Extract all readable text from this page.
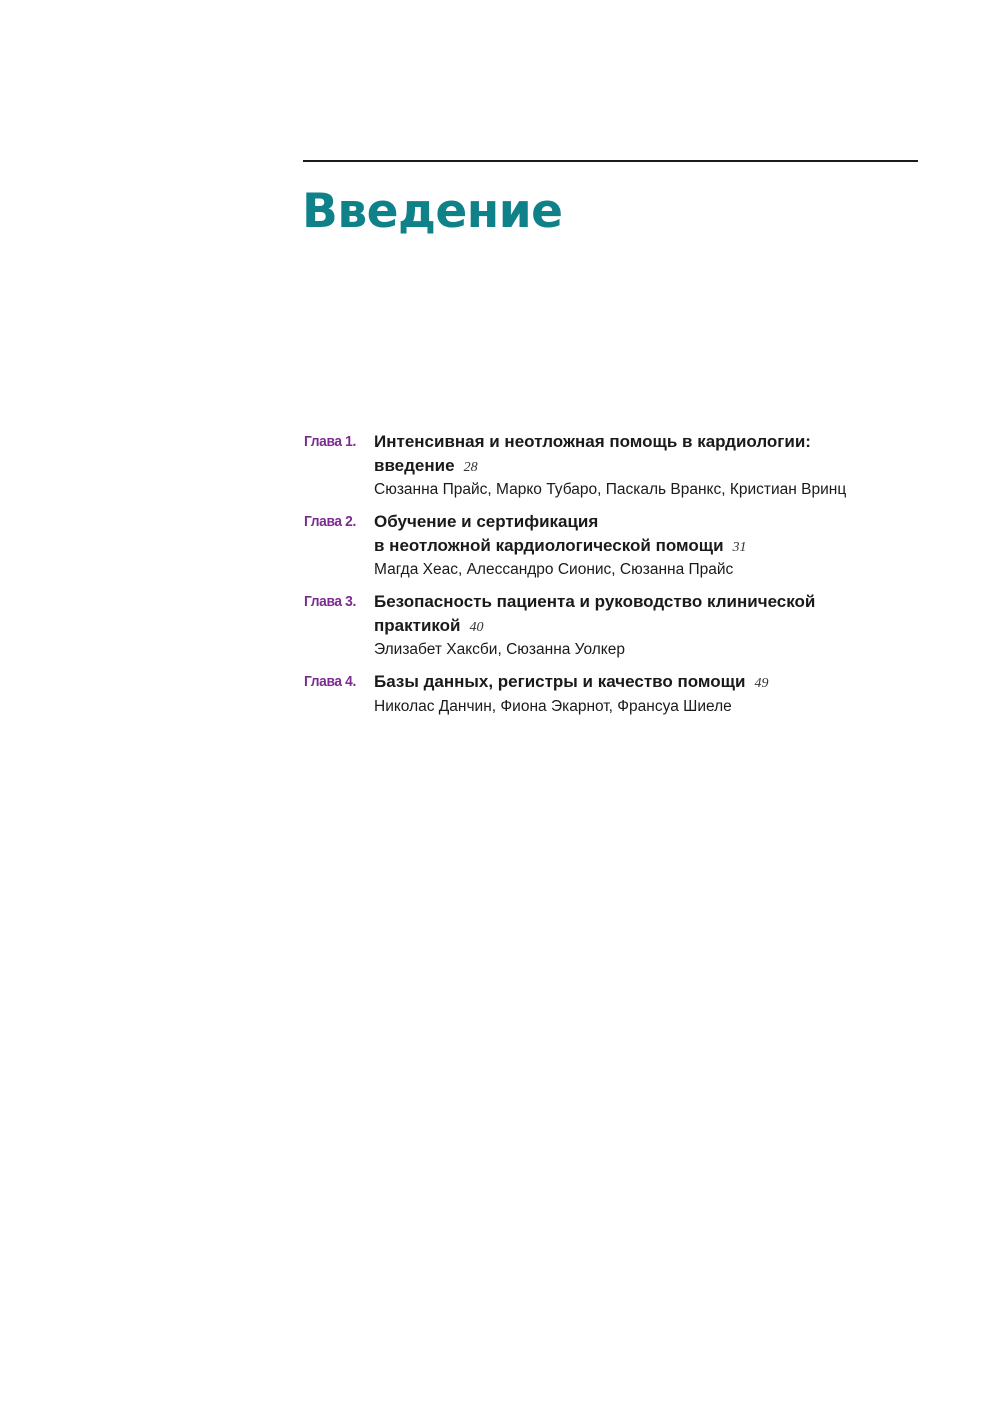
Введение
Глава 1.	Интенсивная и неотложная помощь в кардиологии:
введение 28
Сюзанна Прайс, Марко Тубаро, Паскаль Вранкс, Кристиан Вринц
Глава 2.	Обучение и сертификация
в неотложной кардиологической помощи 31
Магда Хеас, Алессандро Сионис, Сюзанна Прайс
Глава 3.	Безопасность пациента и руководство клинической
практикой 40
Элизабет Хаксби, Сюзанна Уолкер
Глава 4.	Базы данных, регистры и качество помощи 49
Николас Данчин, Фиона Экарнот, Франсуа Шиеле
